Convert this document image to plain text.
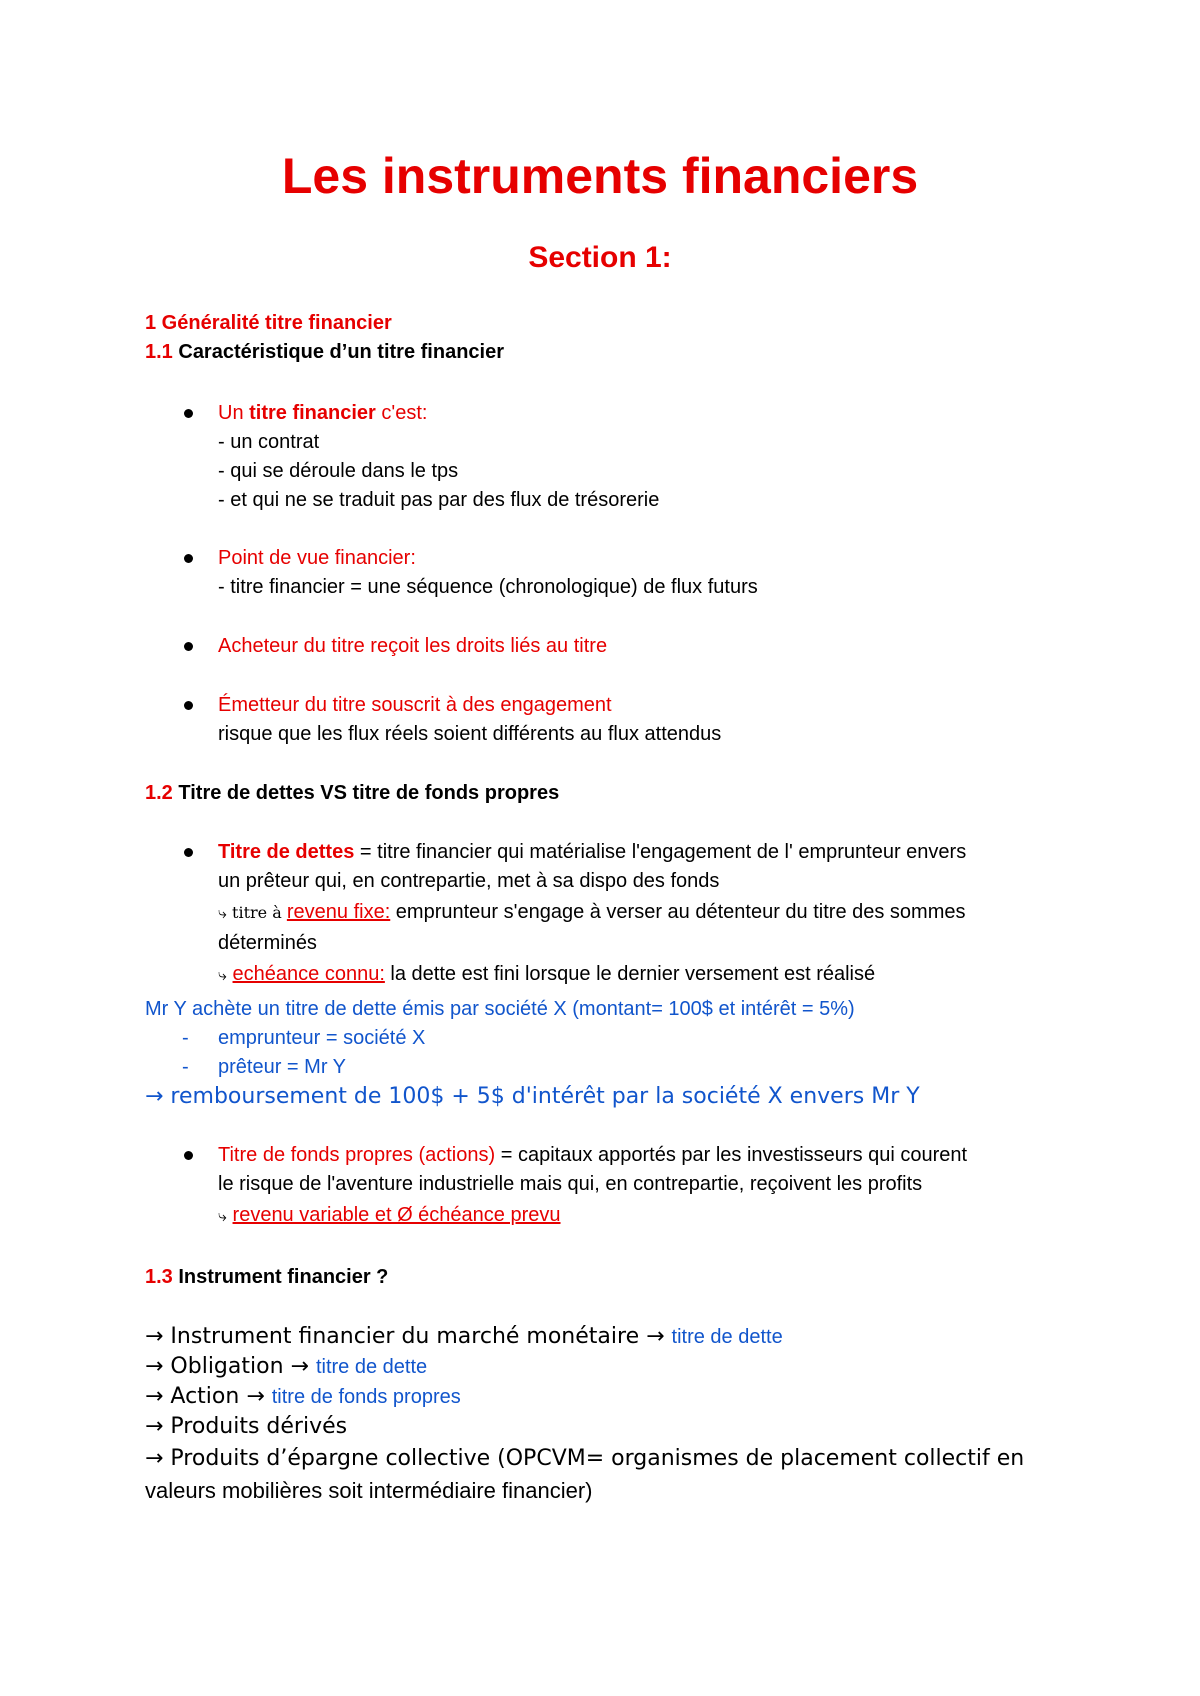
Les instruments financiers
Section 1:
1 Généralité titre financier
1.1 Caractéristique d’un titre financier
Un titre financier c'est:
- un contrat
- qui se déroule dans le tps
- et qui ne se traduit pas par des flux de trésorerie
Point de vue financier:
- titre financier = une séquence (chronologique) de flux futurs
Acheteur du titre reçoit les droits liés au titre
Émetteur du titre souscrit à des engagement
risque que les flux réels soient différents au flux attendus
1.2 Titre de dettes VS titre de fonds propres
Titre de dettes = titre financier qui matérialise l'engagement de l' emprunteur envers
un prêteur qui, en contrepartie, met à sa dispo des fonds
⤷ titre à revenu fixe: emprunteur s'engage à verser au détenteur du titre des sommes
déterminés
⤷ echéance connu: la dette est fini lorsque le dernier versement est réalisé
Mr Y achète un titre de dette émis par société X (montant= 100$ et intérêt = 5%)
- emprunteur = société X
- prêteur = Mr Y
→ remboursement de 100$ + 5$ d'intérêt par la société X envers Mr Y
Titre de fonds propres (actions) = capitaux apportés par les investisseurs qui courent
le risque de l'aventure industrielle mais qui, en contrepartie, reçoivent les profits
⤷ revenu variable et Ø échéance prevu
1.3 Instrument financier ?
→ Instrument financier du marché monétaire → titre de dette
→ Obligation → titre de dette
→ Action → titre de fonds propres
→ Produits dérivés
→ Produits d’épargne collective (OPCVM= organismes de placement collectif en
valeurs mobilières soit intermédiaire financier)
